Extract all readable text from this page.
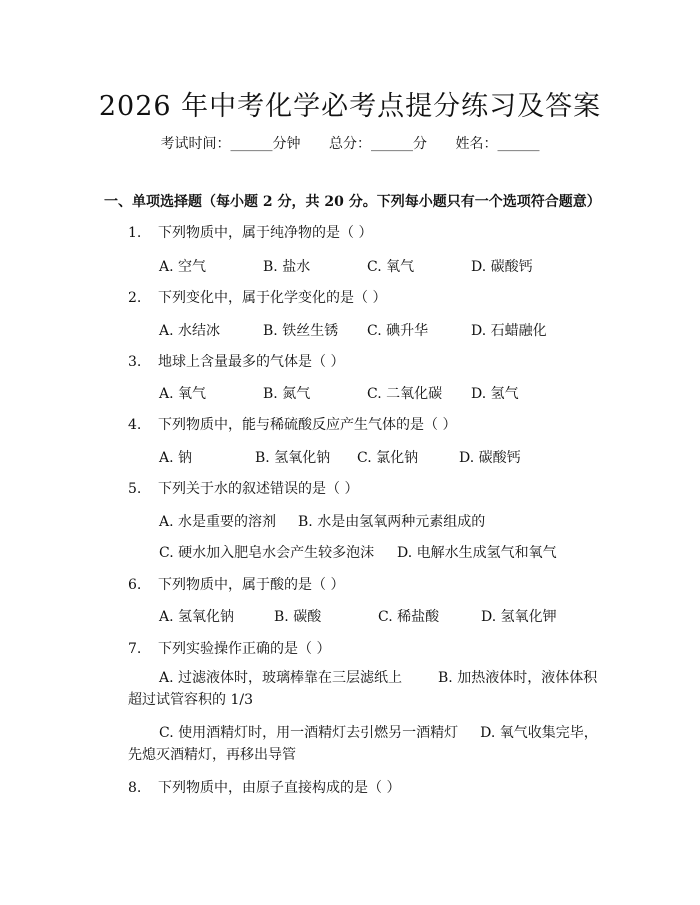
2026 年中考化学必考点提分练习及答案
考试时间：______分钟 总分：______分 姓名：______
一、单项选择题（每小题 2 分，共 20 分。下列每小题只有一个选项符合题意）
1. 下列物质中，属于纯净物的是（ ）
A. 空气	B. 盐水	C. 氧气	D. 碳酸钙
2. 下列变化中，属于化学变化的是（ ）
A. 水结冰	B. 铁丝生锈 C. 碘升华	D. 石蜡融化
3. 地球上含量最多的气体是（ ）
A. 氧气	B. 氮气	C. 二氧化碳 D. 氢气
4. 下列物质中，能与稀硫酸反应产生气体的是（ ）
A. 钠	B. 氢氧化钠 C. 氯化钠	D. 碳酸钙
5. 下列关于水的叙述错误的是（ ）
A. 水是重要的溶剂 B. 水是由氢氧两种元素组成的
C. 硬水加入肥皂水会产生较多泡沫 D. 电解水生成氢气和氧气
6. 下列物质中，属于酸的是（ ）
A. 氢氧化钠	B. 碳酸	C. 稀盐酸	D. 氢氧化钾
7. 下列实验操作正确的是（ ）
A. 过滤液体时，玻璃棒靠在三层滤纸上	B. 加热液体时，液体体积超过试管容积的 1/3
C. 使用酒精灯时，用一酒精灯去引燃另一酒精灯 D. 氧气收集完毕，先熄灭酒精灯，再移出导管
8. 下列物质中，由原子直接构成的是（ ）
